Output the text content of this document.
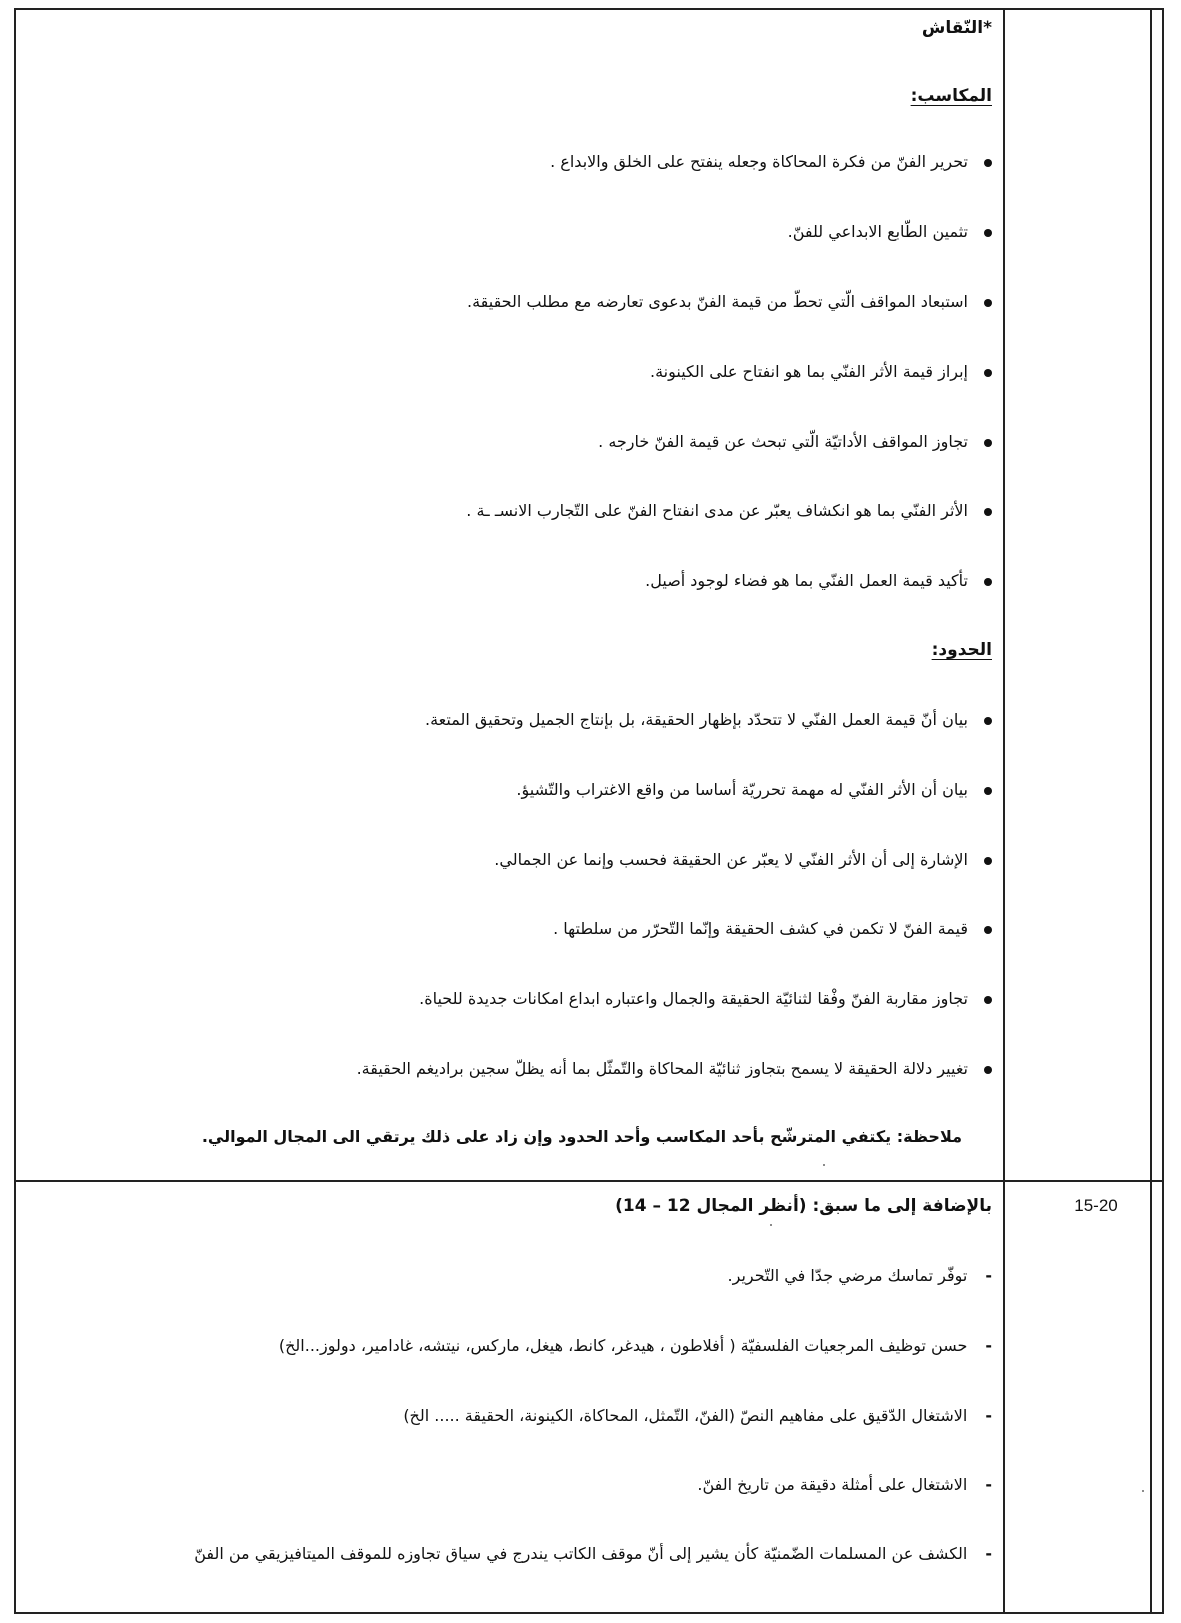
*النّقاش
المكاسب:
تحرير الفنّ من فكرة المحاكاة وجعله ينفتح على الخلق والابداع .
تثمين الطّابع الابداعي للفنّ.
استبعاد المواقف الّتي تحطّ من قيمة الفنّ بدعوى تعارضه مع مطلب الحقيقة.
إبراز قيمة الأثر الفنّي بما هو انفتاح على الكينونة.
تجاوز المواقف الأداتيّة الّتي تبحث عن قيمة الفنّ خارجه .
الأثر الفنّي بما هو انكشاف يعبّر عن مدى انفتاح الفنّ على التّجارب الانسـ ـة .
تأكيد قيمة العمل الفنّي بما هو فضاء لوجود أصيل.
الحدود:
بيان أنّ قيمة العمل الفنّي لا تتحدّد بإظهار الحقيقة، بل بإنتاج الجميل وتحقيق المتعة.
بيان أن الأثر الفنّي له مهمة تحرريّة أساسا من واقع الاغتراب والتّشيؤ.
الإشارة إلى أن الأثر الفنّي لا يعبّر عن الحقيقة فحسب وإنما عن الجمالي.
قيمة الفنّ لا تكمن في كشف الحقيقة وإنّما التّحرّر من سلطتها .
تجاوز مقاربة الفنّ وفْقا لثنائيّة الحقيقة والجمال واعتباره ابداع امكانات جديدة للحياة.
تغيير دلالة الحقيقة لا يسمح بتجاوز ثنائيّة المحاكاة والتّمثّل بما أنه يظلّ سجين براديغم الحقيقة.
ملاحظة: يكتفي المترشّح بأحد المكاسب وأحد الحدود وإن زاد على ذلك يرتقي الى المجال الموالي.
15-20
بالإضافة إلى ما سبق: (أنظر المجال 12 – 14)
-توفّر تماسك مرضي جدّا في التّحرير.
-حسن توظيف المرجعيات الفلسفيّة ( أفلاطون ، هيدغر، كانط، هيغل، ماركس، نيتشه، غادامير، دولوز...الخ)
-الاشتغال الدّقيق على مفاهيم النصّ (الفنّ، التّمثل، المحاكاة، الكينونة، الحقيقة ..... الخ)
-الاشتغال على أمثلة دقيقة من تاريخ الفنّ.
-الكشف عن المسلمات الضّمنيّة كأن يشير إلى أنّ موقف الكاتب يندرج في سياق تجاوزه للموقف الميتافيزيقي من الفنّ
